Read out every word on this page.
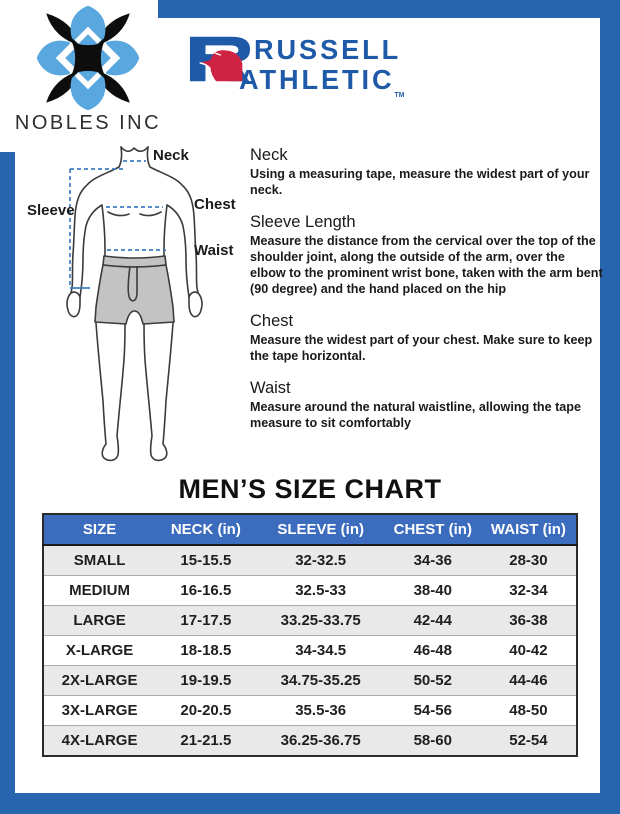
NOBLES INC
RUSSELL
$ATHLETIC_{TM}$
Neck
Sleeve	Chest
Waist
Neck
Using a measuring tape, measure the widest part of your neck.
Sleeve Length
Measure the distance from the cervical over the top of the shoulder joint, along the outside of the arm, over the elbow to the prominent wrist bone, taken with the arm bent (90 degree) and the hand placed on the hip
Chest
Measure the widest part of your chest. Make sure to keep the tape horizontal.
Waist
Measure around the natural waistline, allowing the tape measure to sit comfortably
MEN’S SIZE CHART
SIZE	NECK (in)	SLEEVE (in)	CHEST (in)	WAIST (in)
SMALL	15-15.5	32-32.5	34-36	28-30
MEDIUM	16-16.5	32.5-33	38-40	32-34
LARGE	17-17.5	33.25-33.75	42-44	36-38
X-LARGE	18-18.5	34-34.5	46-48	40-42
2X-LARGE	19-19.5	34.75-35.25	50-52	44-46
3X-LARGE	20-20.5	35.5-36	54-56	48-50
4X-LARGE	21-21.5	36.25-36.75	58-60	52-54
